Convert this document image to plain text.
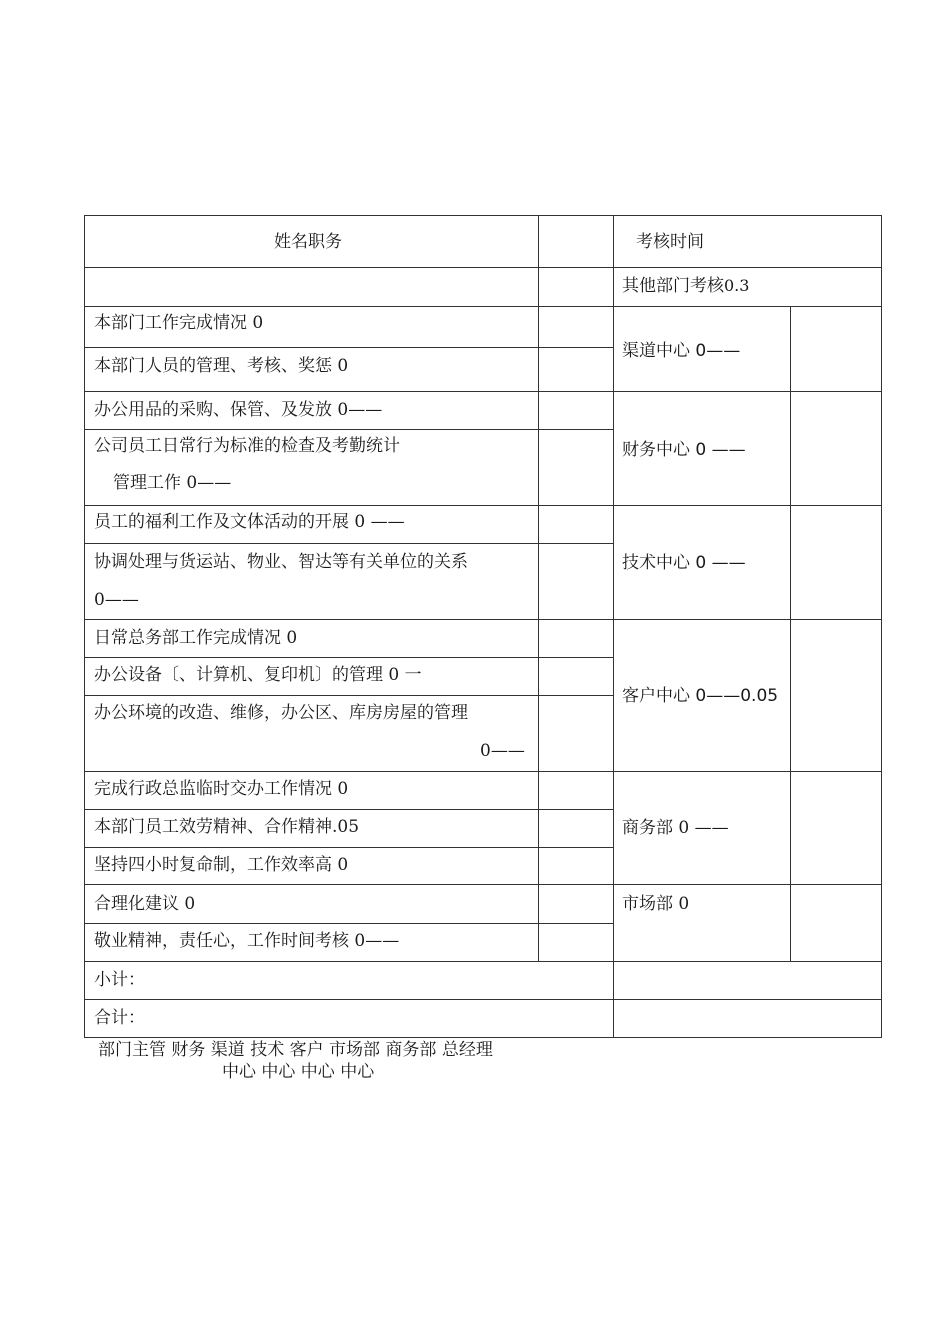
姓名职务	考核时间
其他部门考核0.3
本部门工作完成情况 0
本部门人员的管理、考核、奖惩 0
办公用品的采购、保管、及发放 0——
公司员工日常行为标准的检查及考勤统计
管理工作 0——
员工的福利工作及文体活动的开展 0 ——
协调处理与货运站、物业、智达等有关单位的关系
0——
日常总务部工作完成情况 0
办公设备〔、计算机、复印机〕的管理 0 一
办公环境的改造、维修，办公区、库房房屋的管理
0——
完成行政总监临时交办工作情况 0
本部门员工效劳精神、合作精神.05
坚持四小时复命制，工作效率高 0
合理化建议 0
敬业精神，责任心，工作时间考核 0——
渠道中心 0——
财务中心 0 ——
技术中心 0 ——
客户中心 0——0.05
商务部 0 ——
市场部 0
小计：
合计：
部门主管 财务 渠道 技术 客户 市场部 商务部 总经理
中心 中心 中心 中心
